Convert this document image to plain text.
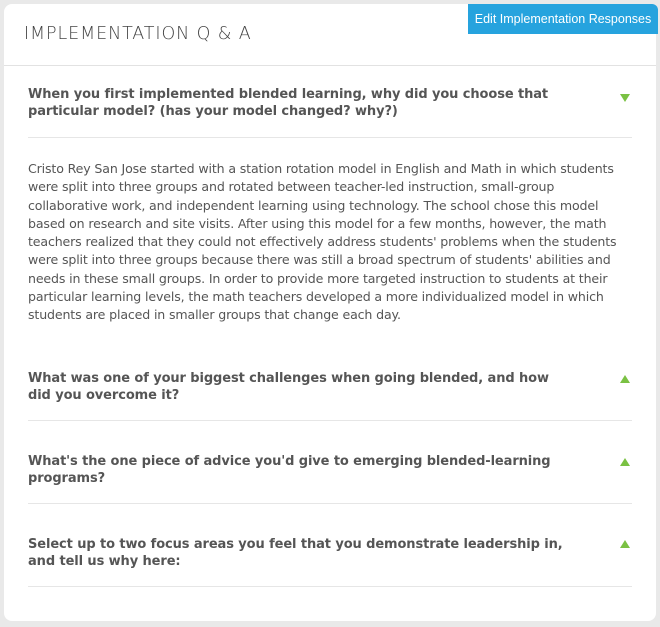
Edit Implementation Responses
IMPLEMENTATION Q & A

When you first implemented blended learning, why did you choose that particular model? (has your model changed? why?)

Cristo Rey San Jose started with a station rotation model in English and Math in which students were split into three groups and rotated between teacher-led instruction, small-group collaborative work, and independent learning using technology. The school chose this model based on research and site visits. After using this model for a few months, however, the math teachers realized that they could not effectively address students' problems when the students were split into three groups because there was still a broad spectrum of students' abilities and needs in these small groups. In order to provide more targeted instruction to students at their particular learning levels, the math teachers developed a more individualized model in which students are placed in smaller groups that change each day.

What was one of your biggest challenges when going blended, and how did you overcome it?

What's the one piece of advice you'd give to emerging blended-learning programs?

Select up to two focus areas you feel that you demonstrate leadership in, and tell us why here:
